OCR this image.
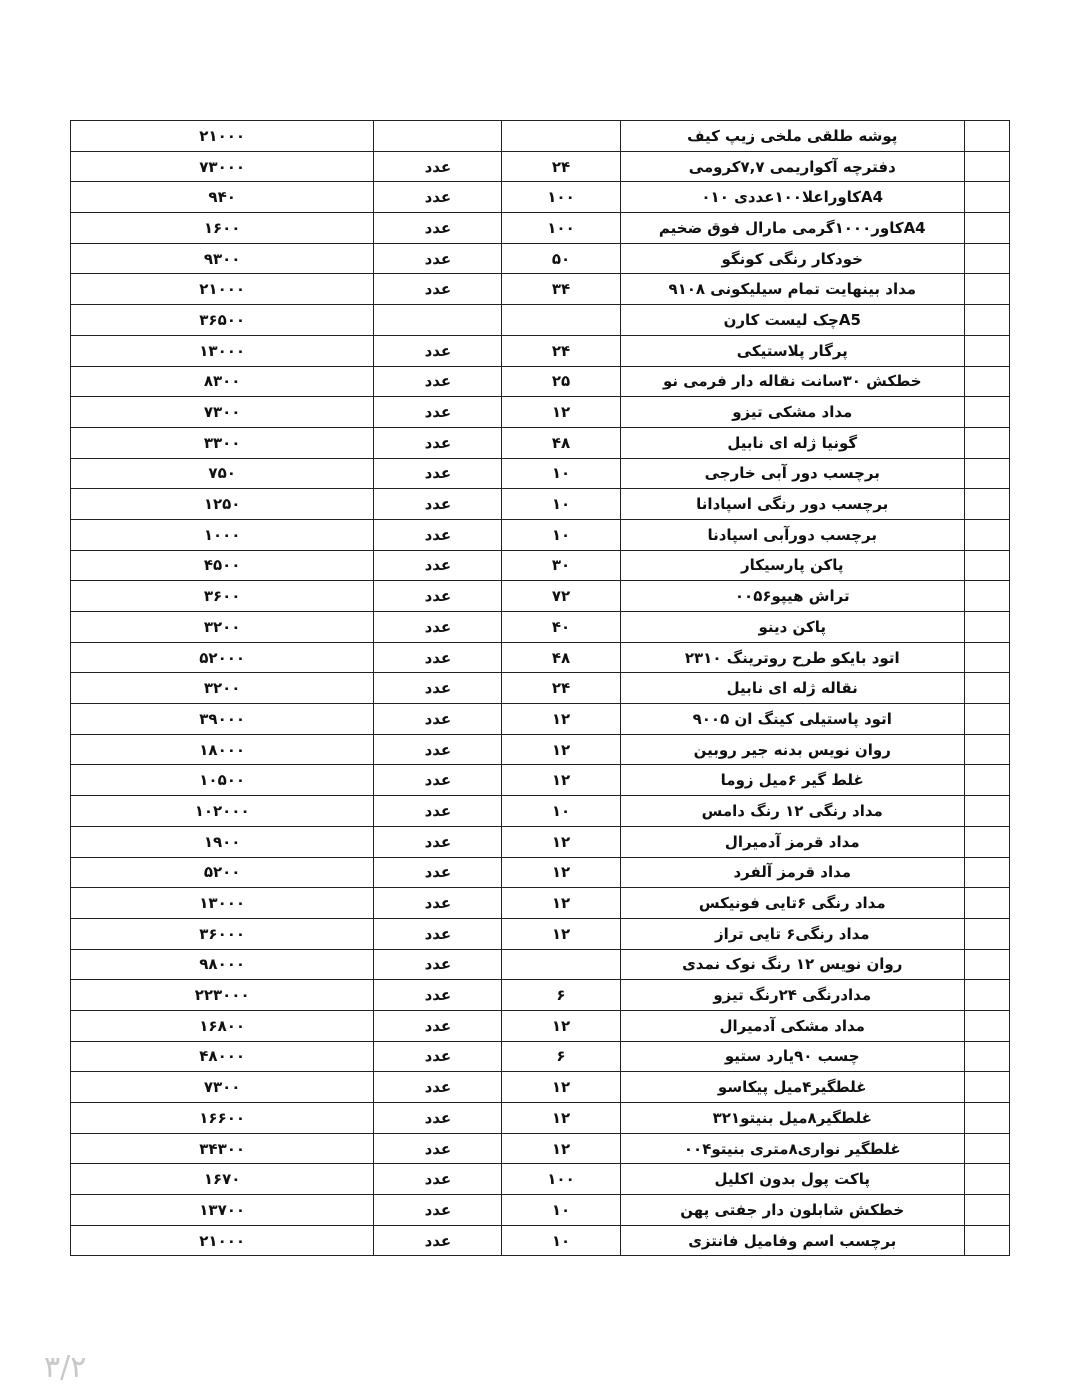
۲۱۰۰۰			پوشه طلقی ملخی زیپ کیف	
۷۳۰۰۰	عدد	۲۴	دفترچه آکواریمی ۷,۷کرومی	
۹۴۰	عدد	۱۰۰	A4کاوراعلا۱۰۰عددی ۰۱۰	
۱۶۰۰	عدد	۱۰۰	A4کاور۱۰۰۰گرمی مارال فوق ضخیم	
۹۳۰۰	عدد	۵۰	خودکار رنگی کونگو	
۲۱۰۰۰	عدد	۳۴	مداد بینهایت تمام سیلیکونی ۹۱۰۸	
۳۶۵۰۰			A5چک لیست کارن	
۱۳۰۰۰	عدد	۲۴	پرگار پلاستیکی	
۸۳۰۰	عدد	۲۵	خطکش ۳۰سانت نقاله دار فرمی نو	
۷۳۰۰	عدد	۱۲	مداد مشکی تیزو	
۳۳۰۰	عدد	۴۸	گونیا ژله ای نابیل	
۷۵۰	عدد	۱۰	برچسب دور آبی خارجی	
۱۲۵۰	عدد	۱۰	برچسب دور رنگی اسپادانا	
۱۰۰۰	عدد	۱۰	برچسب دورآبی اسپادنا	
۴۵۰۰	عدد	۳۰	پاکن پارسیکار	
۳۶۰۰	عدد	۷۲	تراش هیپو۰۰۵۶	
۳۲۰۰	عدد	۴۰	پاکن دینو	
۵۲۰۰۰	عدد	۴۸	اتود بایکو طرح روترینگ ۲۳۱۰	
۳۲۰۰	عدد	۲۴	نقاله ژله ای نابیل	
۳۹۰۰۰	عدد	۱۲	اتود پاستیلی کینگ ان ۹۰۰۵	
۱۸۰۰۰	عدد	۱۲	روان نویس بدنه جیر روبین	
۱۰۵۰۰	عدد	۱۲	غلط گیر ۶میل زوما	
۱۰۲۰۰۰	عدد	۱۰	مداد رنگی ۱۲ رنگ دامس	
۱۹۰۰	عدد	۱۲	مداد قرمز آدمیرال	
۵۲۰۰	عدد	۱۲	مداد قرمز آلفرد	
۱۳۰۰۰	عدد	۱۲	مداد رنگی ۶تایی فونیکس	
۳۶۰۰۰	عدد	۱۲	مداد رنگی۶ تایی تراز	
۹۸۰۰۰	عدد		روان نویس ۱۲ رنگ نوک نمدی	
۲۲۳۰۰۰	عدد	۶	مدادرنگی ۲۴رنگ تیزو	
۱۶۸۰۰	عدد	۱۲	مداد مشکی آدمیرال	
۴۸۰۰۰	عدد	۶	چسب ۹۰یارد ستیو	
۷۳۰۰	عدد	۱۲	غلطگیر۴میل پیکاسو	
۱۶۶۰۰	عدد	۱۲	غلطگیر۸میل بنیتو۳۲۱	
۳۴۳۰۰	عدد	۱۲	غلطگیر نواری۸متری بنیتو۰۰۴	
۱۶۷۰	عدد	۱۰۰	پاکت پول بدون اکلیل	
۱۳۷۰۰	عدد	۱۰	خطکش شابلون دار جفتی پهن	
۲۱۰۰۰	عدد	۱۰	برچسب اسم وفامیل فانتزی	
۳/۲
